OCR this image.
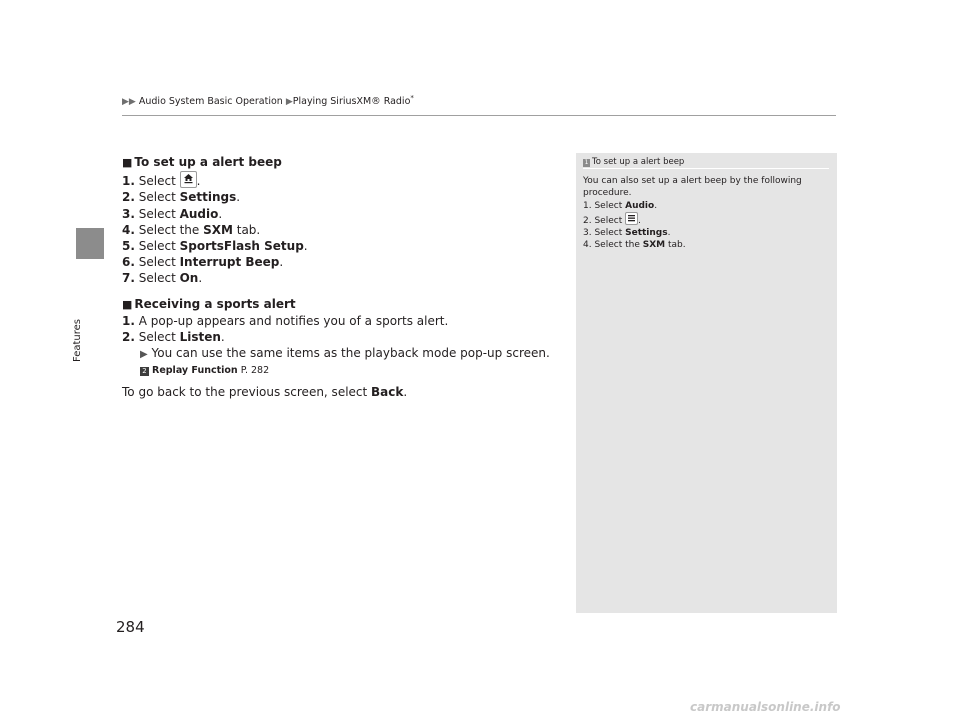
▶▶ Audio System Basic Operation ▶Playing SiriusXM® Radio*
Features
■ To set up a alert beep
1. Select
.
2. Select Settings.
3. Select Audio.
4. Select the SXM tab.
5. Select SportsFlash Setup.
6. Select Interrupt Beep.
7. Select On.
■ Receiving a sports alert
1. A pop-up appears and notifies you of a sports alert.
2. Select Listen.
▶ You can use the same items as the playback mode pop-up screen.
2 Replay Function P. 282
To go back to the previous screen, select Back.
1 To set up a alert beep
You can also set up a alert beep by the following procedure.
1. Select Audio.
2. Select
.
3. Select Settings.
4. Select the SXM tab.
284
carmanualsonline.info
